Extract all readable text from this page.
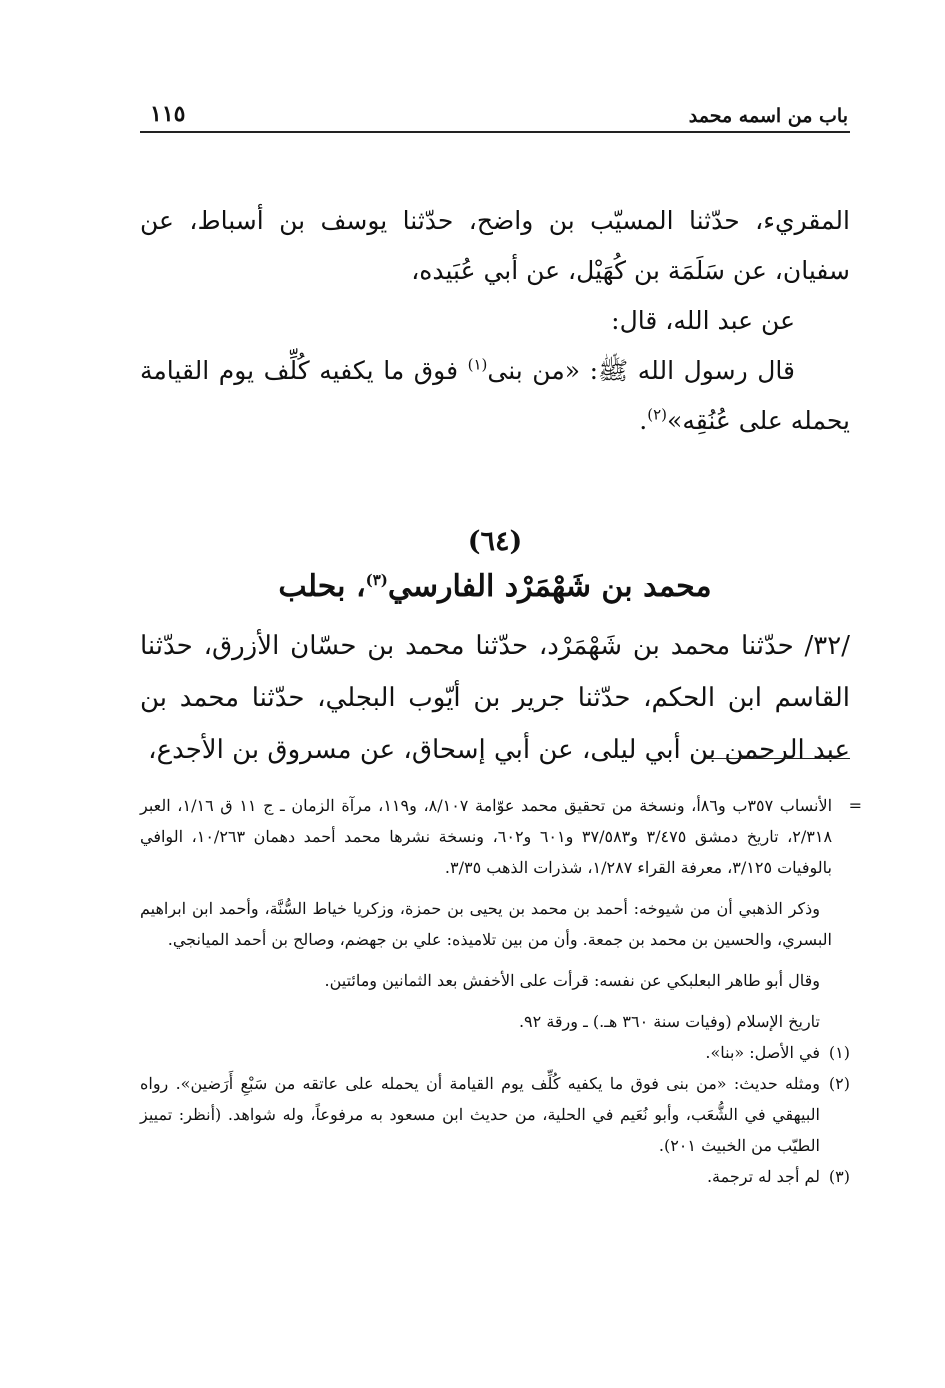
باب من اسمه محمد
١١٥

المقريء، حدّثنا المسيّب بن واضح، حدّثنا يوسف بن أسباط، عن سفيان، عن سَلَمَة بن كُهَيْل، عن أبي عُبَيده،

عن عبد الله، قال:

قال رسول الله ﷺ: «من بنى$^{(١)}$ فوق ما يكفيه كُلِّف يوم القيامة يحمله على عُنُقِه»$^{(٢)}$.

(٦٤)
محمد بن شَهْمَرْد الفارسي$^{(٣)}$، بحلب

/٣٢/ حدّثنا محمد بن شَهْمَرْد، حدّثنا محمد بن حسّان الأزرق، حدّثنا القاسم ابن الحكم، حدّثنا جرير بن أيّوب البجلي، حدّثنا محمد بن عبد الرحمن بن أبي ليلى، عن أبي إسحاق، عن مسروق بن الأجدع،

=
الأنساب ٣٥٧ب و٨٦أ، ونسخة من تحقيق محمد عوّامة ٨/١٠٧، و١١٩، مرآة الزمان ـ ج ١١ ق ١/١٦، العبر ٢/٣١٨، تاريخ دمشق ٣/٤٧٥ و٣٧/٥٨٣ و٦٠١ و٦٠٢، ونسخة نشرها محمد أحمد دهمان ١٠/٢٦٣، الوافي بالوفيات ٣/١٢٥، معرفة القراء ١/٢٨٧، شذرات الذهب ٣/٣٥.

وذكر الذهبي أن من شيوخه: أحمد بن محمد بن يحيى بن حمزة، وزكريا خياط السُّنَّة، وأحمد ابن ابراهيم البسري، والحسين بن محمد بن جمعة. وأن من بين تلاميذه: علي بن جهضم، وصالح بن أحمد الميانجي.

وقال أبو طاهر البعلبكي عن نفسه: قرأت على الأخفش بعد الثمانين ومائتين.

تاريخ الإسلام (وفيات سنة ٣٦٠ هـ.) ـ ورقة ٩٢.

(١)
في الأصل: «بنا».

(٢)
ومثله حديث: «من بنى فوق ما يكفيه كُلِّف يوم القيامة أن يحمله على عاتقه من سَبْعِ أَرَضين». رواه البيهقي في الشُّعَب، وأبو نُعَيم في الحلية، من حديث ابن مسعود به مرفوعاً، وله شواهد. (أنظر: تمييز الطيّب من الخبيث ٢٠١).

(٣)
لم أجد له ترجمة.
